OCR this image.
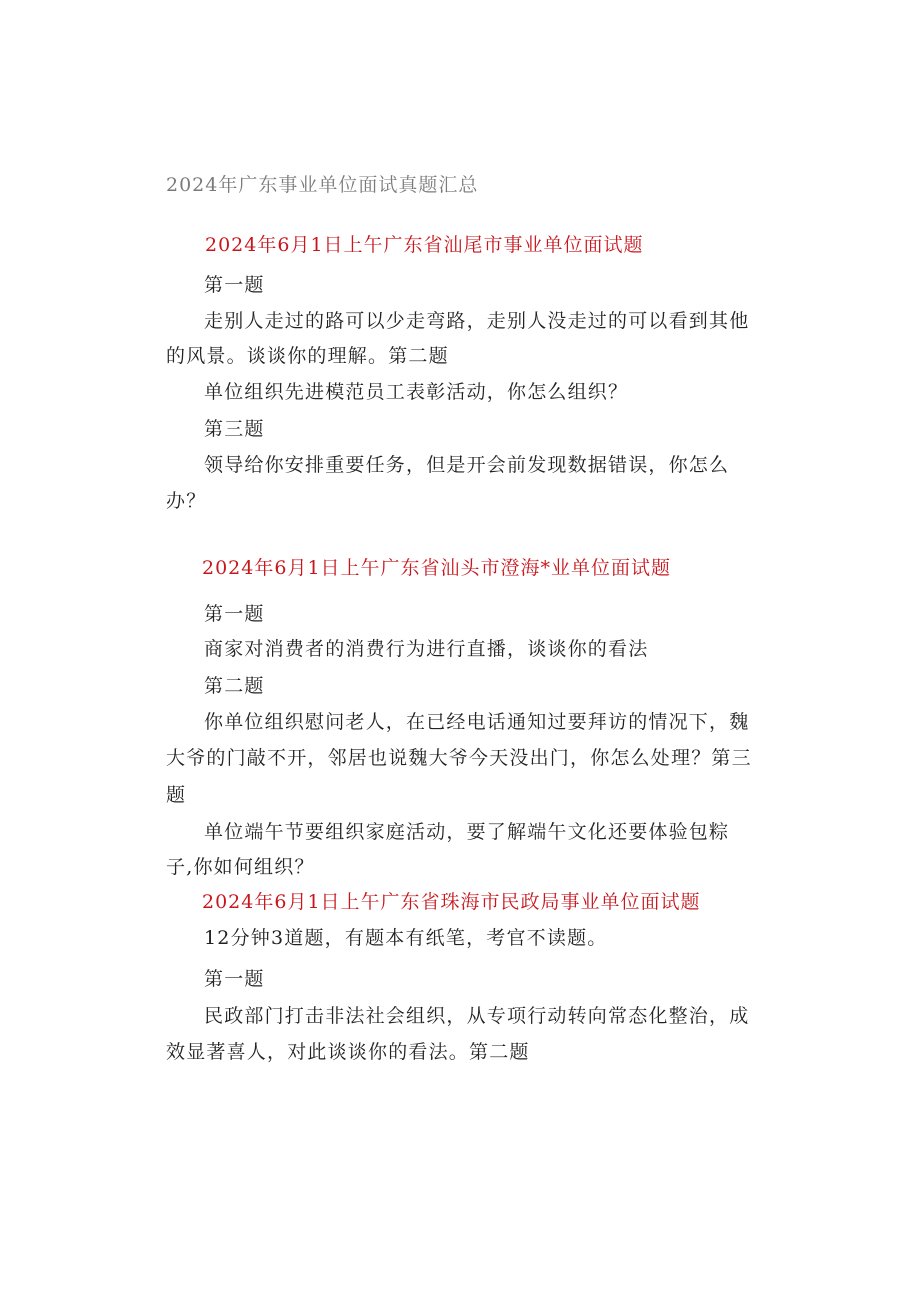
2024年广东事业单位面试真题汇总
2024年6月1日上午广东省汕尾市事业单位面试题
第一题
走别人走过的路可以少走弯路，走别人没走过的可以看到其他
的风景。谈谈你的理解。第二题
单位组织先进模范员工表彰活动，你怎么组织？
第三题
领导给你安排重要任务，但是开会前发现数据错误，你怎么
办？
2024年6月1日上午广东省汕头市澄海*业单位面试题
第一题
商家对消费者的消费行为进行直播，谈谈你的看法
第二题
你单位组织慰问老人，在已经电话通知过要拜访的情况下，魏
大爷的门敲不开，邻居也说魏大爷今天没出门，你怎么处理？第三
题
单位端午节要组织家庭活动，要了解端午文化还要体验包粽
子,你如何组织？
2024年6月1日上午广东省珠海市民政局事业单位面试题
12分钟3道题，有题本有纸笔，考官不读题。
第一题
民政部门打击非法社会组织，从专项行动转向常态化整治，成
效显著喜人，对此谈谈你的看法。第二题
